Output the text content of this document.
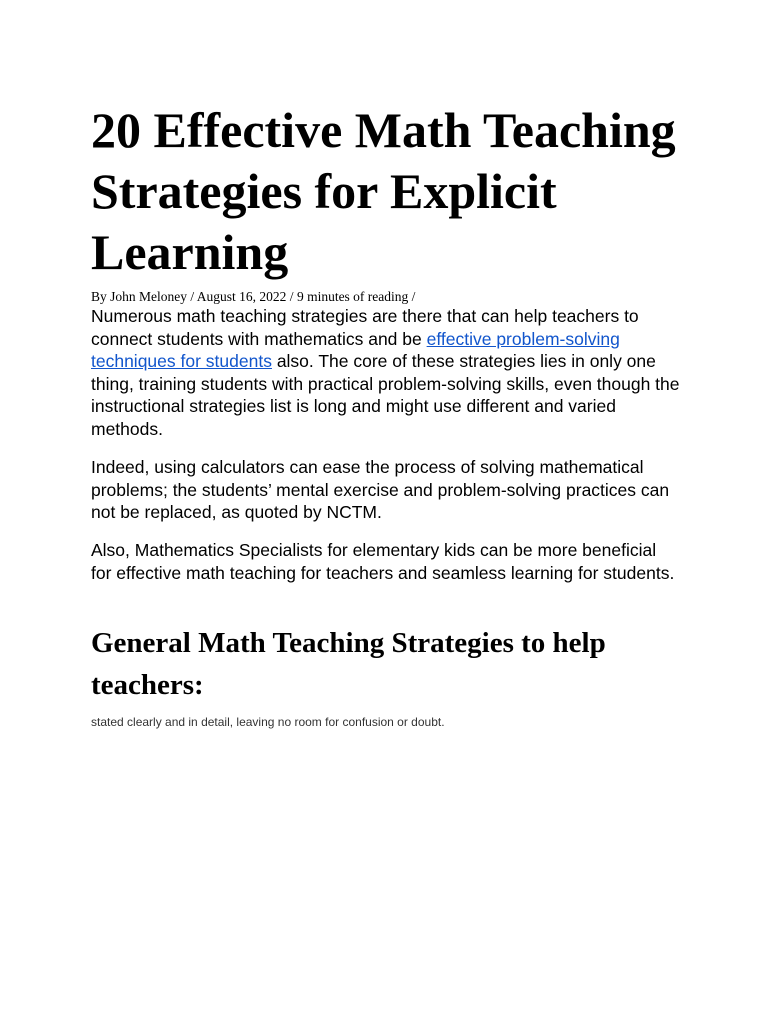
20 Effective Math Teaching Strategies for Explicit Learning
By John Meloney / August 16, 2022 / 9 minutes of reading /

Numerous math teaching strategies are there that can help teachers to connect students with mathematics and be effective problem-solving techniques for students also. The core of these strategies lies in only one thing, training students with practical problem-solving skills, even though the instructional strategies list is long and might use different and varied methods.

Indeed, using calculators can ease the process of solving mathematical problems; the students’ mental exercise and problem-solving practices can not be replaced, as quoted by NCTM.

Also, Mathematics Specialists for elementary kids can be more beneficial for effective math teaching for teachers and seamless learning for students.

General Math Teaching Strategies to help teachers:

stated clearly and in detail, leaving no room for confusion or doubt.
